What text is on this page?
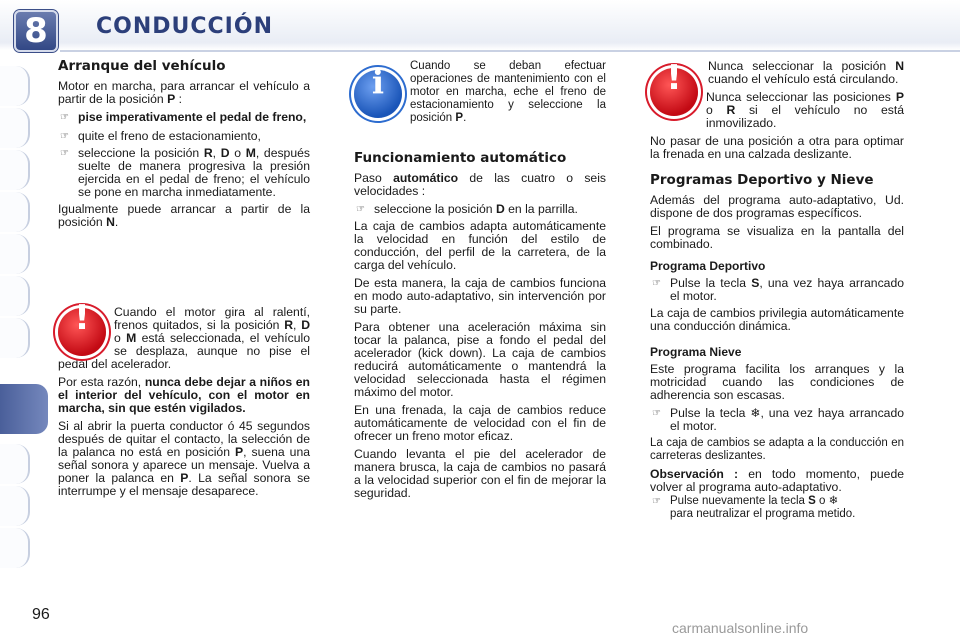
8	CONDUCCIÓN
Arranque del vehículo

Motor en marcha, para arrancar el vehículo a partir de la posición P :

☞ pise imperativamente el pedal de freno,
☞ quite el freno de estacionamiento,
☞ seleccione la posición R, D o M, después suelte de manera progresiva la presión ejercida en el pedal de freno; el vehículo se pone en marcha inmediatamente.

Igualmente puede arrancar a partir de la posición N.

!

Cuando el motor gira al ralentí, frenos quitados, si la posición R, D o M está seleccionada, el vehículo se desplaza, aunque no pise el pedal del acelerador.

Por esta razón, nunca debe dejar a niños en el interior del vehículo, con el motor en marcha, sin que estén vigilados.

Si al abrir la puerta conductor ó 45 segundos después de quitar el contacto, la selección de la palanca no está en posición P, suena una señal sonora y aparece un mensaje. Vuelva a poner la palanca en P. La señal sonora se interrumpe y el mensaje desaparece.

i

Cuando se deban efectuar operaciones de mantenimiento con el motor en marcha, eche el freno de estacionamiento y seleccione la posición P.

Funcionamiento automático

Paso automático de las cuatro o seis velocidades :

☞ seleccione la posición D en la parrilla.

La caja de cambios adapta automáticamente la velocidad en función del estilo de conducción, del perfil de la carretera, de la carga del vehículo.

De esta manera, la caja de cambios funciona en modo auto-adaptativo, sin intervención por su parte.

Para obtener una aceleración máxima sin tocar la palanca, pise a fondo el pedal del acelerador (kick down). La caja de cambios reducirá automáticamente o mantendrá la velocidad seleccionada hasta el régimen máximo del motor.

En una frenada, la caja de cambios reduce automáticamente de velocidad con el fin de ofrecer un freno motor eficaz.

Cuando levanta el pie del acelerador de manera brusca, la caja de cambios no pasará a la velocidad superior con el fin de mejorar la seguridad.

!

Nunca seleccionar la posición N cuando el vehículo está circulando.

Nunca seleccionar las posiciones P o R si el vehículo no está inmovilizado.

No pasar de una posición a otra para optimar la frenada en una calzada deslizante.

Programas Deportivo y Nieve

Además del programa auto-adaptativo, Ud. dispone de dos programas específicos.

El programa se visualiza en la pantalla del combinado.

Programa Deportivo
☞ Pulse la tecla S, una vez haya arrancado el motor.

La caja de cambios privilegia automáticamente una conducción dinámica.

Programa Nieve

Este programa facilita los arranques y la motricidad cuando las condiciones de adherencia son escasas.

☞ Pulse la tecla ❄, una vez haya arrancado el motor.

La caja de cambios se adapta a la conducción en carreteras deslizantes.

Observación : en todo momento, puede volver al programa auto-adaptativo.

☞ Pulse nuevamente la tecla S o ❄
para neutralizar el programa metido.
96
carmanualsonline.info
